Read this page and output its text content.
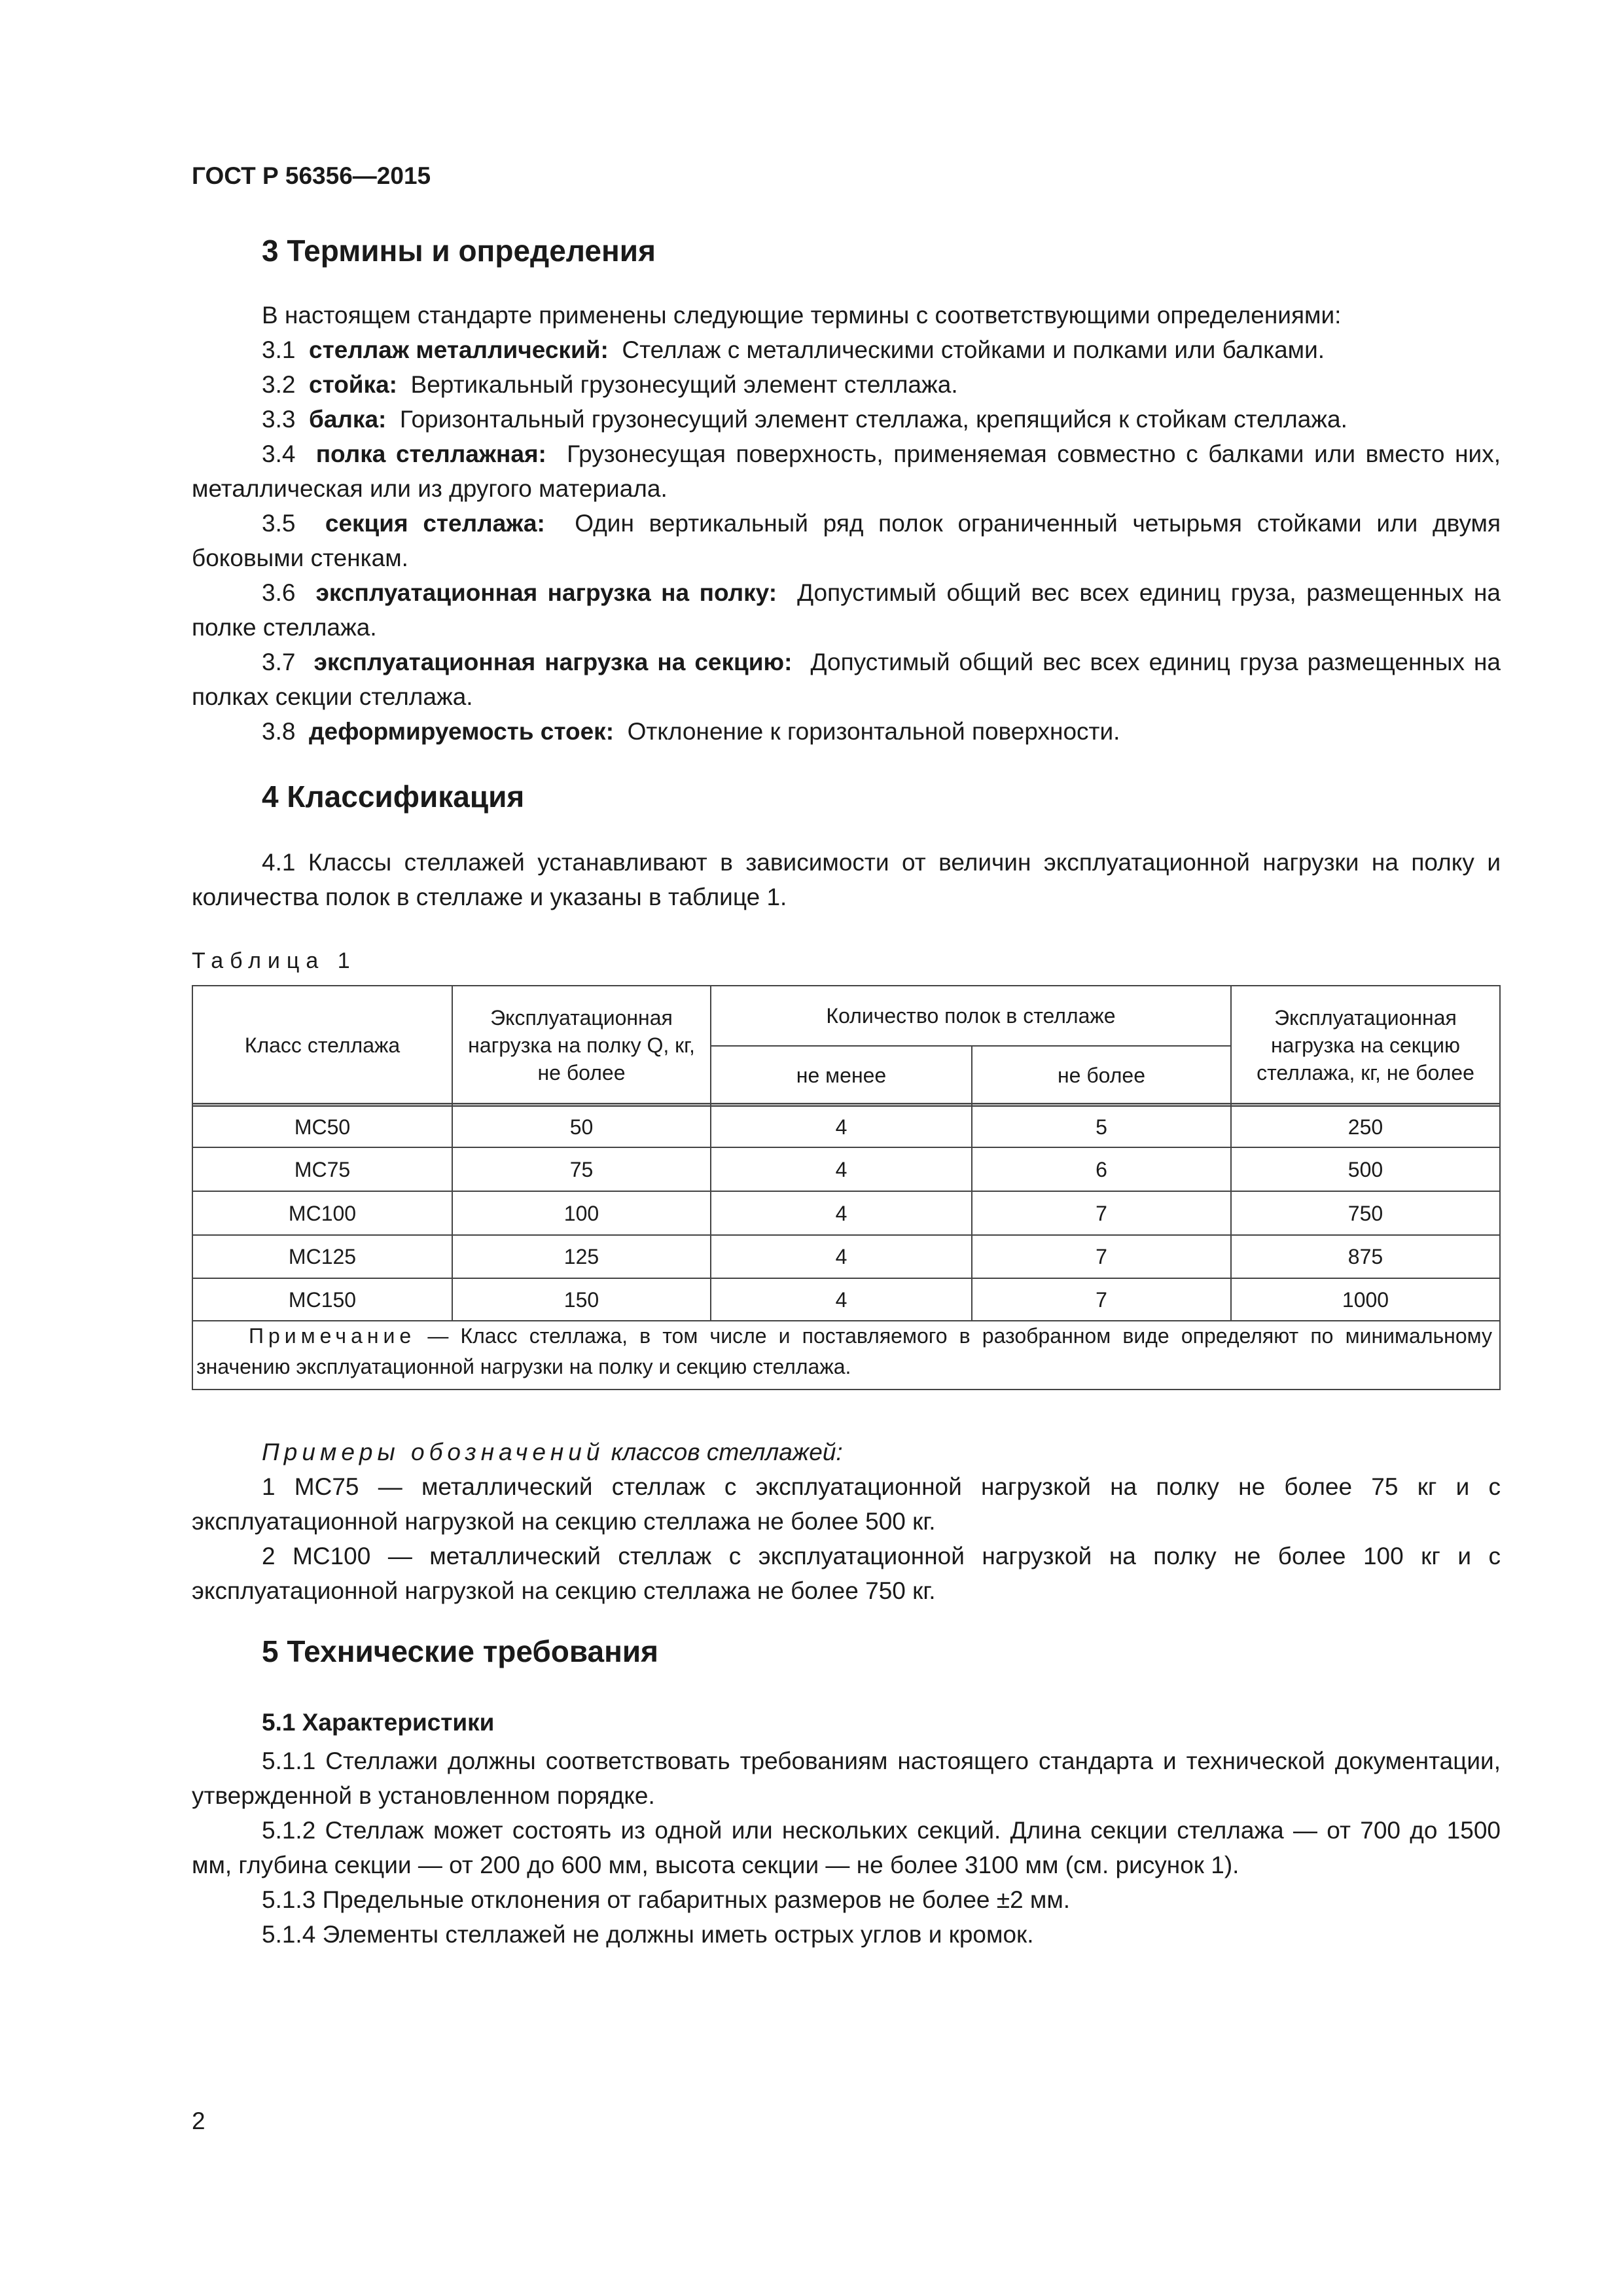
ГОСТ Р 56356—2015
3 Термины и определения

В настоящем стандарте применены следующие термины с соответствующими определениями:

3.1 стеллаж металлический: Стеллаж с металлическими стойками и полками или балками.

3.2 стойка: Вертикальный грузонесущий элемент стеллажа.

3.3 балка: Горизонтальный грузонесущий элемент стеллажа, крепящийся к стойкам стеллажа.

3.4 полка стеллажная: Грузонесущая поверхность, применяемая совместно с балками или вместо них, металлическая или из другого материала.

3.5 секция стеллажа: Один вертикальный ряд полок ограниченный четырьмя стойками или двумя боковыми стенкам.

3.6 эксплуатационная нагрузка на полку: Допустимый общий вес всех единиц груза, размещенных на полке стеллажа.

3.7 эксплуатационная нагрузка на секцию: Допустимый общий вес всех единиц груза размещенных на полках секции стеллажа.

3.8 деформируемость стоек: Отклонение к горизонтальной поверхности.

4 Классификация

4.1 Классы стеллажей устанавливают в зависимости от величин эксплуатационной нагрузки на полку и количества полок в стеллаже и указаны в таблице 1.

Таблица 1
Класс стеллажа
Эксплуатационная нагрузка на полку Q, кг, не более
Количество полок в стеллаже
не менее	не более
Эксплуатационная нагрузка на секцию стеллажа, кг, не более
МС50	50	4	5	250
МС75	75	4	6	500
МС100	100	4	7	750
МС125	125	4	7	875
МС150	150	4	7	1000

Примечание — Класс стеллажа, в том числе и поставляемого в разобранном виде определяют по минимальному значению эксплуатационной нагрузки на полку и секцию стеллажа.

Примеры обозначений классов стеллажей:

1 МС75 — металлический стеллаж с эксплуатационной нагрузкой на полку не более 75 кг и с эксплуатационной нагрузкой на секцию стеллажа не более 500 кг.

2 МС100 — металлический стеллаж с эксплуатационной нагрузкой на полку не более 100 кг и с эксплуатационной нагрузкой на секцию стеллажа не более 750 кг.

5 Технические требования
5.1 Характеристики

5.1.1 Стеллажи должны соответствовать требованиям настоящего стандарта и технической документации, утвержденной в установленном порядке.

5.1.2 Стеллаж может состоять из одной или нескольких секций. Длина секции стеллажа — от 700 до 1500 мм, глубина секции — от 200 до 600 мм, высота секции — не более 3100 мм (см. рисунок 1).

5.1.3 Предельные отклонения от габаритных размеров не более ±2 мм.

5.1.4 Элементы стеллажей не должны иметь острых углов и кромок.

2
